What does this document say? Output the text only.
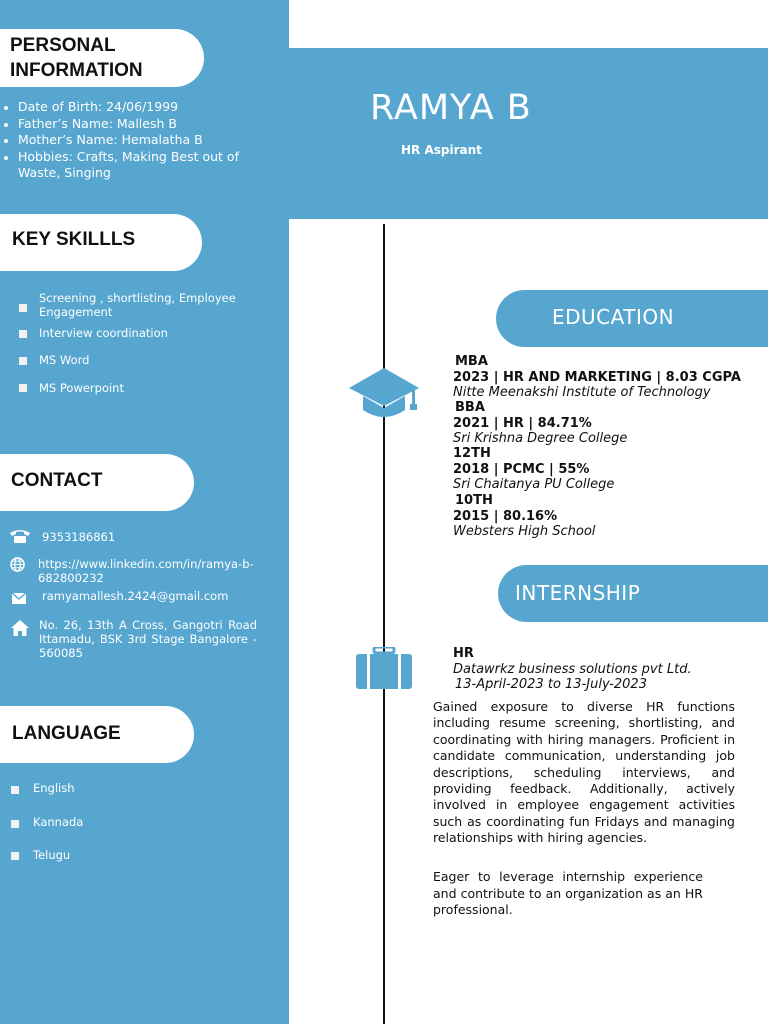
PERSONAL
INFORMATION
Date of Birth: 24/06/1999
Father’s Name: Mallesh B
Mother’s Name: Hemalatha B
Hobbies: Crafts, Making Best out of Waste, Singing
KEY SKILLLS
Screening , shortlisting, Employee Engagement
Interview coordination
MS Word
MS Powerpoint
CONTACT
9353186861
https://www.linkedin.com/in/ramya-b-682800232
ramyamallesh.2424@gmail.com
No. 26, 13th A Cross, Gangotri Road Ittamadu, BSK 3rd Stage Bangalore - 560085
LANGUAGE
English
Kannada
Telugu
RAMYA B
HR Aspirant
EDUCATION
MBA
2023 | HR AND MARKETING | 8.03 CGPA
Nitte Meenakshi Institute of Technology
BBA
2021 | HR | 84.71%
Sri Krishna Degree College
12TH
2018 | PCMC | 55%
Sri Chaitanya PU College
10TH
2015 | 80.16%
Websters High School
INTERNSHIP
HR
Datawrkz business solutions pvt Ltd.
13-April-2023 to 13-July-2023
Gained exposure to diverse HR functions including resume screening, shortlisting, and coordinating with hiring managers. Proficient in candidate communication, understanding job descriptions, scheduling interviews, and providing feedback. Additionally, actively involved in employee engagement activities such as coordinating fun Fridays and managing relationships with hiring agencies.
Eager to leverage internship experience and contribute to an organization as an HR professional.
